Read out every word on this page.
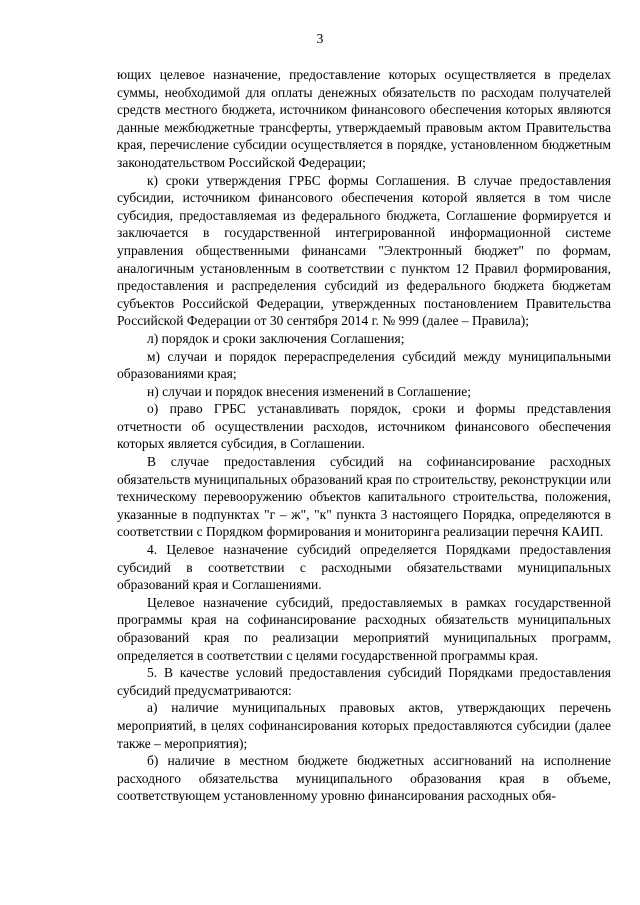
3

ющих целевое назначение, предоставление которых осуществляется в пределах суммы, необходимой для оплаты денежных обязательств по расходам получателей средств местного бюджета, источником финансового обеспечения которых являются данные межбюджетные трансферты, утверждаемый правовым актом Правительства края, перечисление субсидии осуществляется в порядке, установленном бюджетным законодательством Российской Федерации;

к) сроки утверждения ГРБС формы Соглашения. В случае предоставления субсидии, источником финансового обеспечения которой является в том числе субсидия, предоставляемая из федерального бюджета, Соглашение формируется и заключается в государственной интегрированной информационной системе управления общественными финансами "Электронный бюджет" по формам, аналогичным установленным в соответствии с пунктом 12 Правил формирования, предоставления и распределения субсидий из федерального бюджета бюджетам субъектов Российской Федерации, утвержденных постановлением Правительства Российской Федерации от 30 сентября 2014 г. № 999 (далее – Правила);

л) порядок и сроки заключения Соглашения;

м) случаи и порядок перераспределения субсидий между муниципальными образованиями края;

н) случаи и порядок внесения изменений в Соглашение;

о) право ГРБС устанавливать порядок, сроки и формы представления отчетности об осуществлении расходов, источником финансового обеспечения которых является субсидия, в Соглашении.

В случае предоставления субсидий на софинансирование расходных обязательств муниципальных образований края по строительству, реконструкции или техническому перевооружению объектов капитального строительства, положения, указанные в подпунктах "г – ж", "к" пункта 3 настоящего Порядка, определяются в соответствии с Порядком формирования и мониторинга реализации перечня КАИП.

4. Целевое назначение субсидий определяется Порядками предоставления субсидий в соответствии с расходными обязательствами муниципальных образований края и Соглашениями.

Целевое назначение субсидий, предоставляемых в рамках государственной программы края на софинансирование расходных обязательств муниципальных образований края по реализации мероприятий муниципальных программ, определяется в соответствии с целями государственной программы края.

5. В качестве условий предоставления субсидий Порядками предоставления субсидий предусматриваются:

а) наличие муниципальных правовых актов, утверждающих перечень мероприятий, в целях софинансирования которых предоставляются субсидии (далее также – мероприятия);

б) наличие в местном бюджете бюджетных ассигнований на исполнение расходного обязательства муниципального образования края в объеме, соответствующем установленному уровню финансирования расходных обя-
